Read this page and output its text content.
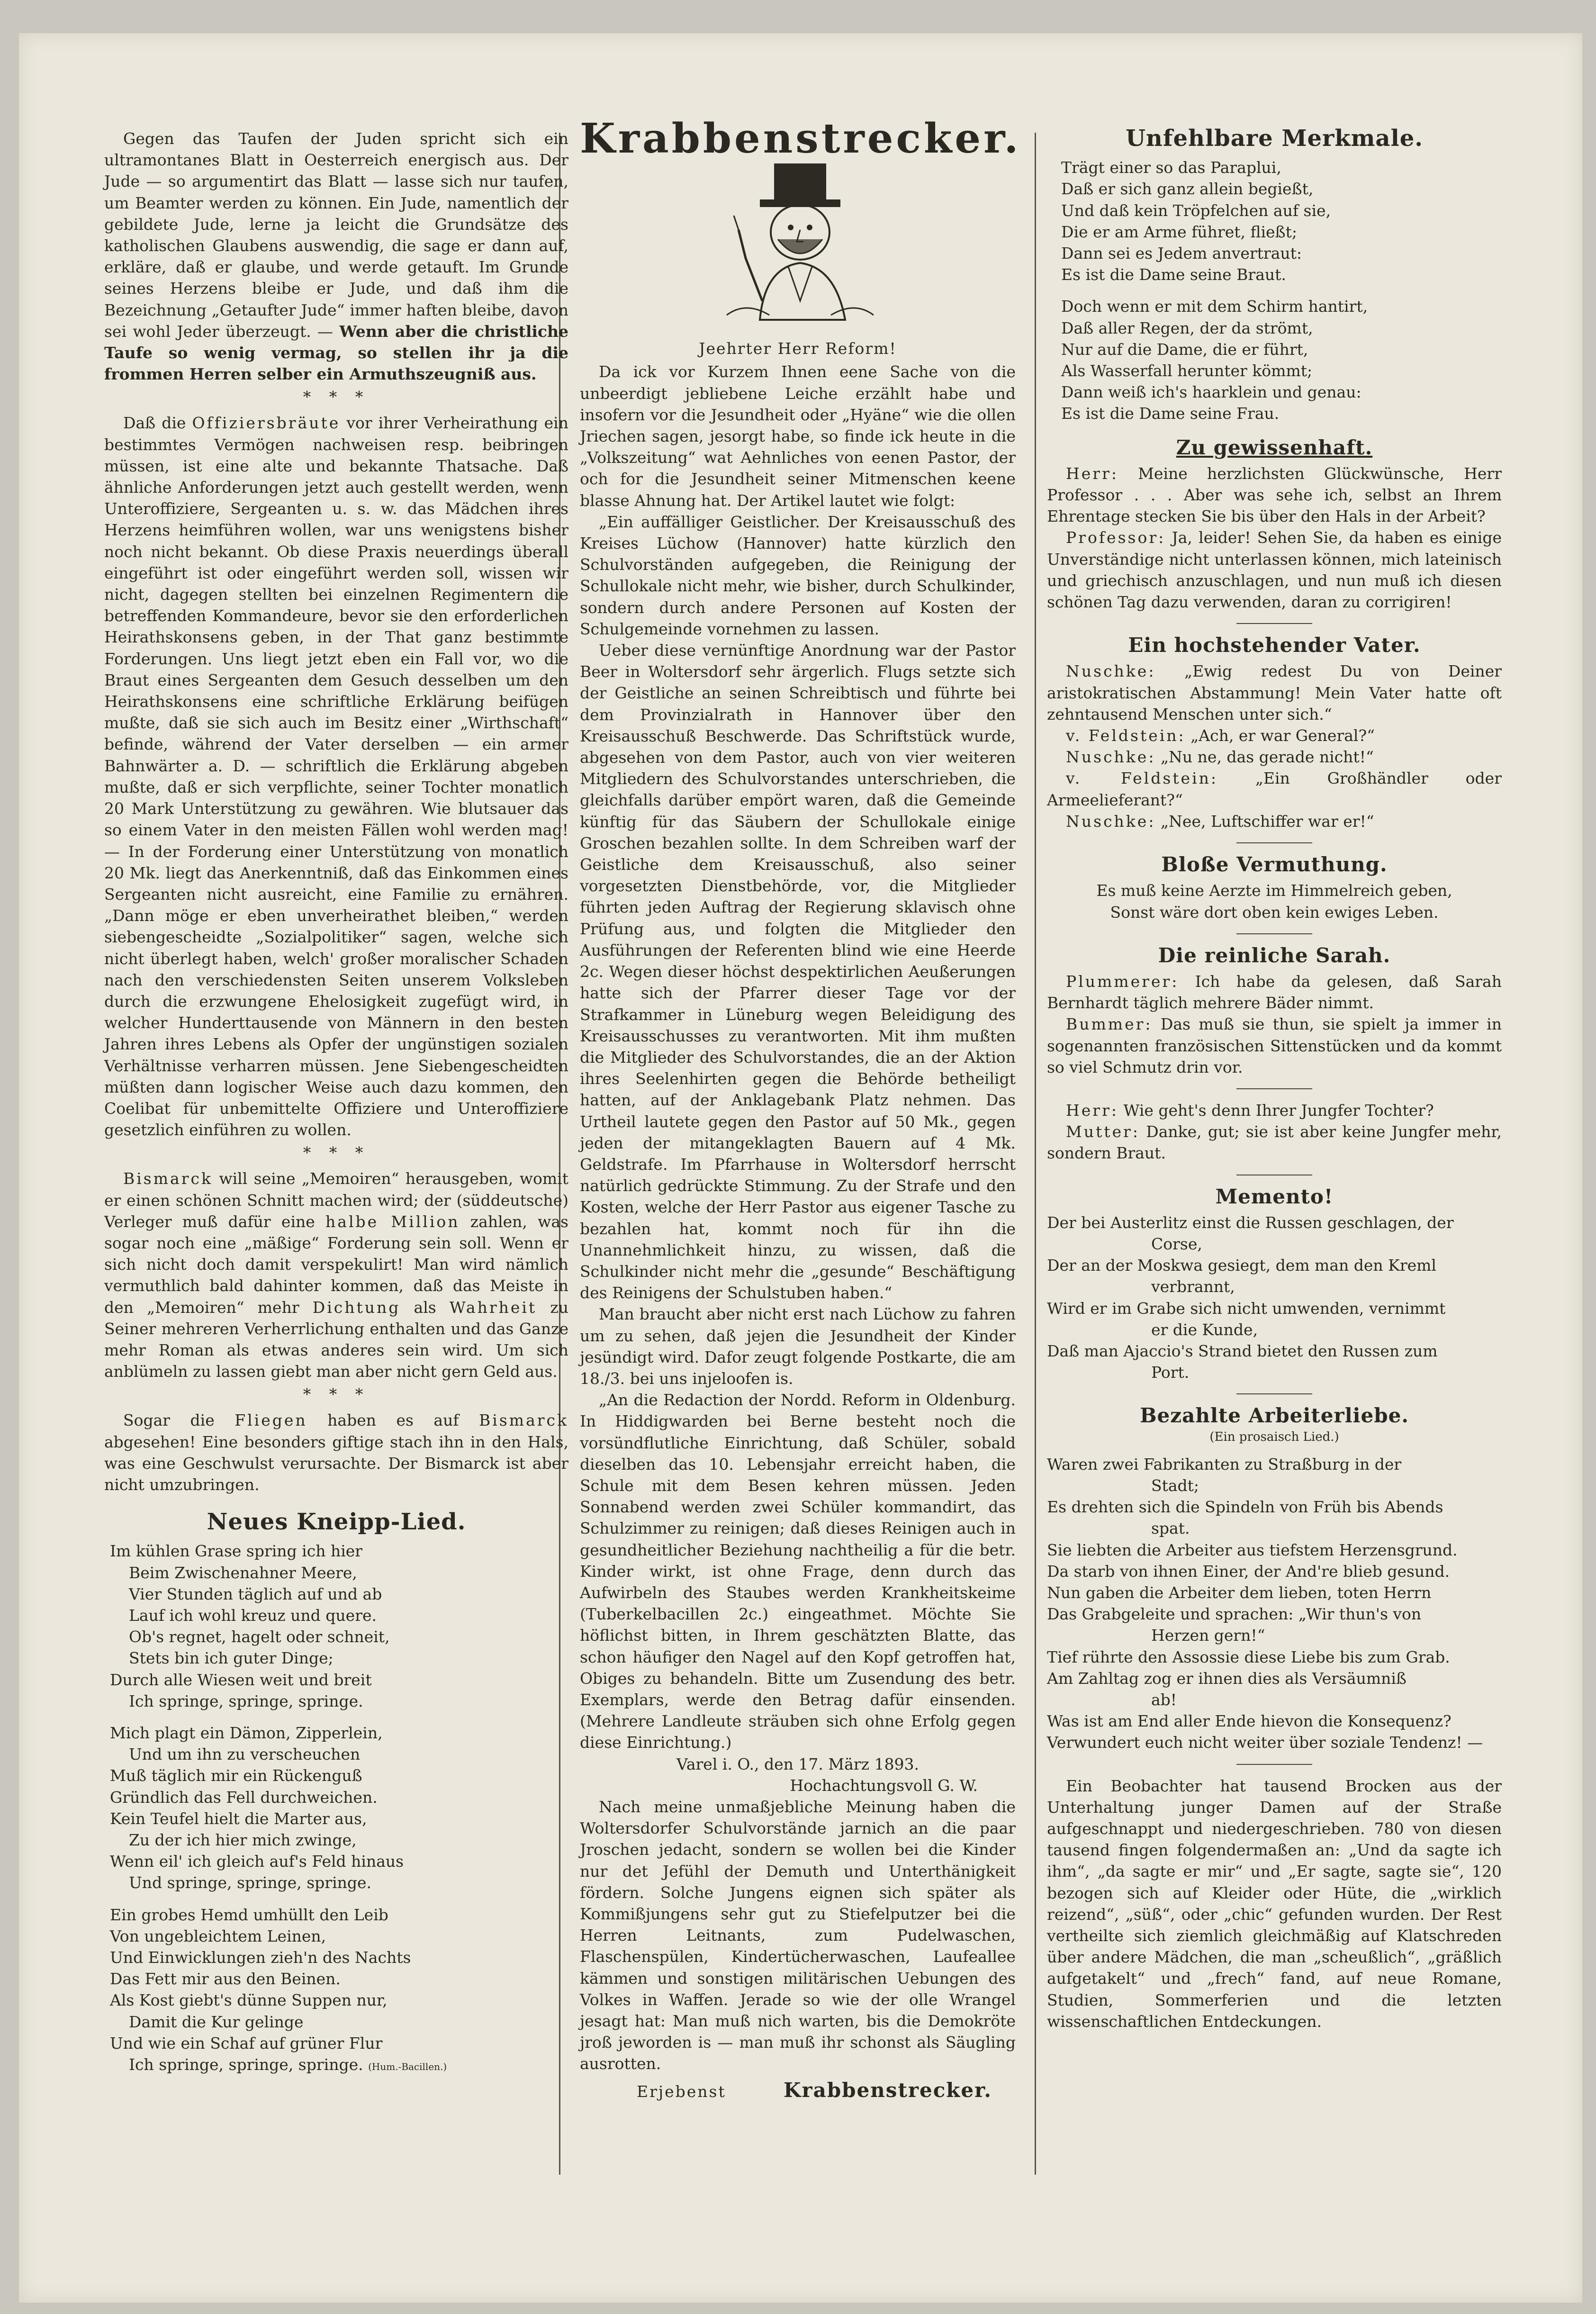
Gegen das Taufen der Juden spricht sich ein ultramontanes Blatt in Oesterreich energisch aus. Der Jude — so argumentirt das Blatt — lasse sich nur taufen, um Beamter werden zu können. Ein Jude, namentlich der gebildete Jude, lerne ja leicht die Grundsätze des katholischen Glaubens auswendig, die sage er dann auf, erkläre, daß er glaube, und werde getauft. Im Grunde seines Herzens bleibe er Jude, und daß ihm die Bezeichnung „Getaufter Jude“ immer haften bleibe, davon sei wohl Jeder überzeugt. — Wenn aber die christliche Taufe so wenig vermag, so stellen ihr ja die frommen Herren selber ein Armuthszeugniß aus.

* * *

Daß die Offiziersbräute vor ihrer Verheirathung ein bestimmtes Vermögen nachweisen resp. beibringen müssen, ist eine alte und bekannte Thatsache. Daß ähnliche Anforderungen jetzt auch gestellt werden, wenn Unteroffiziere, Sergeanten u. s. w. das Mädchen ihres Herzens heimführen wollen, war uns wenigstens bisher noch nicht bekannt. Ob diese Praxis neuerdings überall eingeführt ist oder eingeführt werden soll, wissen wir nicht, dagegen stellten bei einzelnen Regimentern die betreffenden Kommandeure, bevor sie den erforderlichen Heirathskonsens geben, in der That ganz bestimmte Forderungen. Uns liegt jetzt eben ein Fall vor, wo die Braut eines Sergeanten dem Gesuch desselben um den Heirathskonsens eine schriftliche Erklärung beifügen mußte, daß sie sich auch im Besitz einer „Wirthschaft“ befinde, während der Vater derselben — ein armer Bahnwärter a. D. — schriftlich die Erklärung abgeben mußte, daß er sich verpflichte, seiner Tochter monatlich 20 Mark Unterstützung zu gewähren. Wie blutsauer das so einem Vater in den meisten Fällen wohl werden mag! — In der Forderung einer Unterstützung von monatlich 20 Mk. liegt das Anerkenntniß, daß das Einkommen eines Sergeanten nicht ausreicht, eine Familie zu ernähren. „Dann möge er eben unverheirathet bleiben,“ werden siebengescheidte „Sozialpolitiker“ sagen, welche sich nicht überlegt haben, welch' großer moralischer Schaden nach den verschiedensten Seiten unserem Volksleben durch die erzwungene Ehelosigkeit zugefügt wird, in welcher Hunderttausende von Männern in den besten Jahren ihres Lebens als Opfer der ungünstigen sozialen Verhältnisse verharren müssen. Jene Siebengescheidten müßten dann logischer Weise auch dazu kommen, den Coelibat für unbemittelte Offiziere und Unteroffiziere gesetzlich einführen zu wollen.

* * *

Bismarck will seine „Memoiren“ herausgeben, womit er einen schönen Schnitt machen wird; der (süddeutsche) Verleger muß dafür eine halbe Million zahlen, was sogar noch eine „mäßige“ Forderung sein soll. Wenn er sich nicht doch damit verspekulirt! Man wird nämlich vermuthlich bald dahinter kommen, daß das Meiste in den „Memoiren“ mehr Dichtung als Wahrheit zu Seiner mehreren Verherrlichung enthalten und das Ganze mehr Roman als etwas anderes sein wird. Um sich anblümeln zu lassen giebt man aber nicht gern Geld aus.

* * *

Sogar die Fliegen haben es auf Bismarck abgesehen! Eine besonders giftige stach ihn in den Hals, was eine Geschwulst verursachte. Der Bismarck ist aber nicht umzubringen.

Neues Kneipp-Lied.
Im kühlen Grase spring ich hier
Beim Zwischenahner Meere,
Vier Stunden täglich auf und ab
Lauf ich wohl kreuz und quere.
Ob's regnet, hagelt oder schneit,
Stets bin ich guter Dinge;
Durch alle Wiesen weit und breit
Ich springe, springe, springe.
Mich plagt ein Dämon, Zipperlein,
Und um ihn zu verscheuchen
Muß täglich mir ein Rückenguß
Gründlich das Fell durchweichen.
Kein Teufel hielt die Marter aus,
Zu der ich hier mich zwinge,
Wenn eil' ich gleich auf's Feld hinaus
Und springe, springe, springe.
Ein grobes Hemd umhüllt den Leib
Von ungebleichtem Leinen,
Und Einwicklungen zieh'n des Nachts
Das Fett mir aus den Beinen.
Als Kost giebt's dünne Suppen nur,
Damit die Kur gelinge
Und wie ein Schaf auf grüner Flur
Ich springe, springe, springe. (Hum.-Bacillen.)
Krabbenstrecker.
Jeehrter Herr Reform!

Da ick vor Kurzem Ihnen eene Sache von die unbeerdigt jebliebene Leiche erzählt habe und insofern vor die Jesundheit oder „Hyäne“ wie die ollen Jriechen sagen, jesorgt habe, so finde ick heute in die „Volkszeitung“ wat Aehnliches von eenen Pastor, der och for die Jesundheit seiner Mitmenschen keene blasse Ahnung hat. Der Artikel lautet wie folgt:

„Ein auffälliger Geistlicher. Der Kreisausschuß des Kreises Lüchow (Hannover) hatte kürzlich den Schulvorständen aufgegeben, die Reinigung der Schullokale nicht mehr, wie bisher, durch Schulkinder, sondern durch andere Personen auf Kosten der Schulgemeinde vornehmen zu lassen.

Ueber diese vernünftige Anordnung war der Pastor Beer in Woltersdorf sehr ärgerlich. Flugs setzte sich der Geistliche an seinen Schreibtisch und führte bei dem Provinzialrath in Hannover über den Kreisausschuß Beschwerde. Das Schriftstück wurde, abgesehen von dem Pastor, auch von vier weiteren Mitgliedern des Schulvorstandes unterschrieben, die gleichfalls darüber empört waren, daß die Gemeinde künftig für das Säubern der Schullokale einige Groschen bezahlen sollte. In dem Schreiben warf der Geistliche dem Kreisausschuß, also seiner vorgesetzten Dienstbehörde, vor, die Mitglieder führten jeden Auftrag der Regierung sklavisch ohne Prüfung aus, und folgten die Mitglieder den Ausführungen der Referenten blind wie eine Heerde 2c. Wegen dieser höchst despektirlichen Aeußerungen hatte sich der Pfarrer dieser Tage vor der Strafkammer in Lüneburg wegen Beleidigung des Kreisausschusses zu verantworten. Mit ihm mußten die Mitglieder des Schulvorstandes, die an der Aktion ihres Seelenhirten gegen die Behörde betheiligt hatten, auf der Anklagebank Platz nehmen. Das Urtheil lautete gegen den Pastor auf 50 Mk., gegen jeden der mitangeklagten Bauern auf 4 Mk. Geldstrafe. Im Pfarrhause in Woltersdorf herrscht natürlich gedrückte Stimmung. Zu der Strafe und den Kosten, welche der Herr Pastor aus eigener Tasche zu bezahlen hat, kommt noch für ihn die Unannehmlichkeit hinzu, zu wissen, daß die Schulkinder nicht mehr die „gesunde“ Beschäftigung des Reinigens der Schulstuben haben.“

Man braucht aber nicht erst nach Lüchow zu fahren um zu sehen, daß jejen die Jesundheit der Kinder jesündigt wird. Dafor zeugt folgende Postkarte, die am 18./3. bei uns injeloofen is.

„An die Redaction der Nordd. Reform in Oldenburg. In Hiddigwarden bei Berne besteht noch die vorsündflutliche Einrichtung, daß Schüler, sobald dieselben das 10. Lebensjahr erreicht haben, die Schule mit dem Besen kehren müssen. Jeden Sonnabend werden zwei Schüler kommandirt, das Schulzimmer zu reinigen; daß dieses Reinigen auch in gesundheitlicher Beziehung nachtheilig a für die betr. Kinder wirkt, ist ohne Frage, denn durch das Aufwirbeln des Staubes werden Krankheitskeime (Tuberkelbacillen 2c.) eingeathmet. Möchte Sie höflichst bitten, in Ihrem geschätzten Blatte, das schon häufiger den Nagel auf den Kopf getroffen hat, Obiges zu behandeln. Bitte um Zusendung des betr. Exemplars, werde den Betrag dafür einsenden. (Mehrere Landleute sträuben sich ohne Erfolg gegen diese Einrichtung.)

Varel i. O., den 17. März 1893.
Hochachtungsvoll G. W.

Nach meine unmaßjebliche Meinung haben die Woltersdorfer Schulvorstände jarnich an die paar Jroschen jedacht, sondern se wollen bei die Kinder nur det Jefühl der Demuth und Unterthänigkeit fördern. Solche Jungens eignen sich später als Kommißjungens sehr gut zu Stiefelputzer bei die Herren Leitnants, zum Pudelwaschen, Flaschenspülen, Kindertücherwaschen, Laufeallee kämmen und sonstigen militärischen Uebungen des Volkes in Waffen. Jerade so wie der olle Wrangel jesagt hat: Man muß nich warten, bis die Demokröte jroß jeworden is — man muß ihr schonst als Säugling ausrotten.

Erjebenst	Krabbenstrecker.
Unfehlbare Merkmale.
Trägt einer so das Paraplui,
Daß er sich ganz allein begießt,
Und daß kein Tröpfelchen auf sie,
Die er am Arme führet, fließt;
Dann sei es Jedem anvertraut:
Es ist die Dame seine Braut.
Doch wenn er mit dem Schirm hantirt,
Daß aller Regen, der da strömt,
Nur auf die Dame, die er führt,
Als Wasserfall herunter kömmt;
Dann weiß ich's haarklein und genau:
Es ist die Dame seine Frau.
Zu gewissenhaft.

Herr: Meine herzlichsten Glückwünsche, Herr Professor . . . Aber was sehe ich, selbst an Ihrem Ehrentage stecken Sie bis über den Hals in der Arbeit?

Professor: Ja, leider! Sehen Sie, da haben es einige Unverständige nicht unterlassen können, mich lateinisch und griechisch anzuschlagen, und nun muß ich diesen schönen Tag dazu verwenden, daran zu corrigiren!

Ein hochstehender Vater.

Nuschke: „Ewig redest Du von Deiner aristokratischen Abstammung! Mein Vater hatte oft zehntausend Menschen unter sich.“

v. Feldstein: „Ach, er war General?“

Nuschke: „Nu ne, das gerade nicht!“

v. Feldstein: „Ein Großhändler oder Armeelieferant?“

Nuschke: „Nee, Luftschiffer war er!“

Bloße Vermuthung.
Es muß keine Aerzte im Himmelreich geben,
Sonst wäre dort oben kein ewiges Leben.
Die reinliche Sarah.

Plummerer: Ich habe da gelesen, daß Sarah Bernhardt täglich mehrere Bäder nimmt.

Bummer: Das muß sie thun, sie spielt ja immer in sogenannten französischen Sittenstücken und da kommt so viel Schmutz drin vor.

Herr: Wie geht's denn Ihrer Jungfer Tochter?

Mutter: Danke, gut; sie ist aber keine Jungfer mehr, sondern Braut.

Memento!
Der bei Austerlitz einst die Russen geschlagen, der
Corse,
Der an der Moskwa gesiegt, dem man den Kreml
verbrannt,
Wird er im Grabe sich nicht umwenden, vernimmt
er die Kunde,
Daß man Ajaccio's Strand bietet den Russen zum
Port.
Bezahlte Arbeiterliebe.
(Ein prosaisch Lied.)
Waren zwei Fabrikanten zu Straßburg in der
Stadt;
Es drehten sich die Spindeln von Früh bis Abends
spat.
Sie liebten die Arbeiter aus tiefstem Herzensgrund.
Da starb von ihnen Einer, der And're blieb gesund.
Nun gaben die Arbeiter dem lieben, toten Herrn
Das Grabgeleite und sprachen: „Wir thun's von
Herzen gern!“
Tief rührte den Assossie diese Liebe bis zum Grab.
Am Zahltag zog er ihnen dies als Versäumniß
ab!
Was ist am End aller Ende hievon die Konsequenz?
Verwundert euch nicht weiter über soziale Tendenz! —

Ein Beobachter hat tausend Brocken aus der Unterhaltung junger Damen auf der Straße aufgeschnappt und niedergeschrieben. 780 von diesen tausend fingen folgendermaßen an: „Und da sagte ich ihm“, „da sagte er mir“ und „Er sagte, sagte sie“, 120 bezogen sich auf Kleider oder Hüte, die „wirklich reizend“, „süß“, oder „chic“ gefunden wurden. Der Rest vertheilte sich ziemlich gleichmäßig auf Klatschreden über andere Mädchen, die man „scheußlich“, „gräßlich aufgetakelt“ und „frech“ fand, auf neue Romane, Studien, Sommerferien und die letzten wissenschaftlichen Entdeckungen.
